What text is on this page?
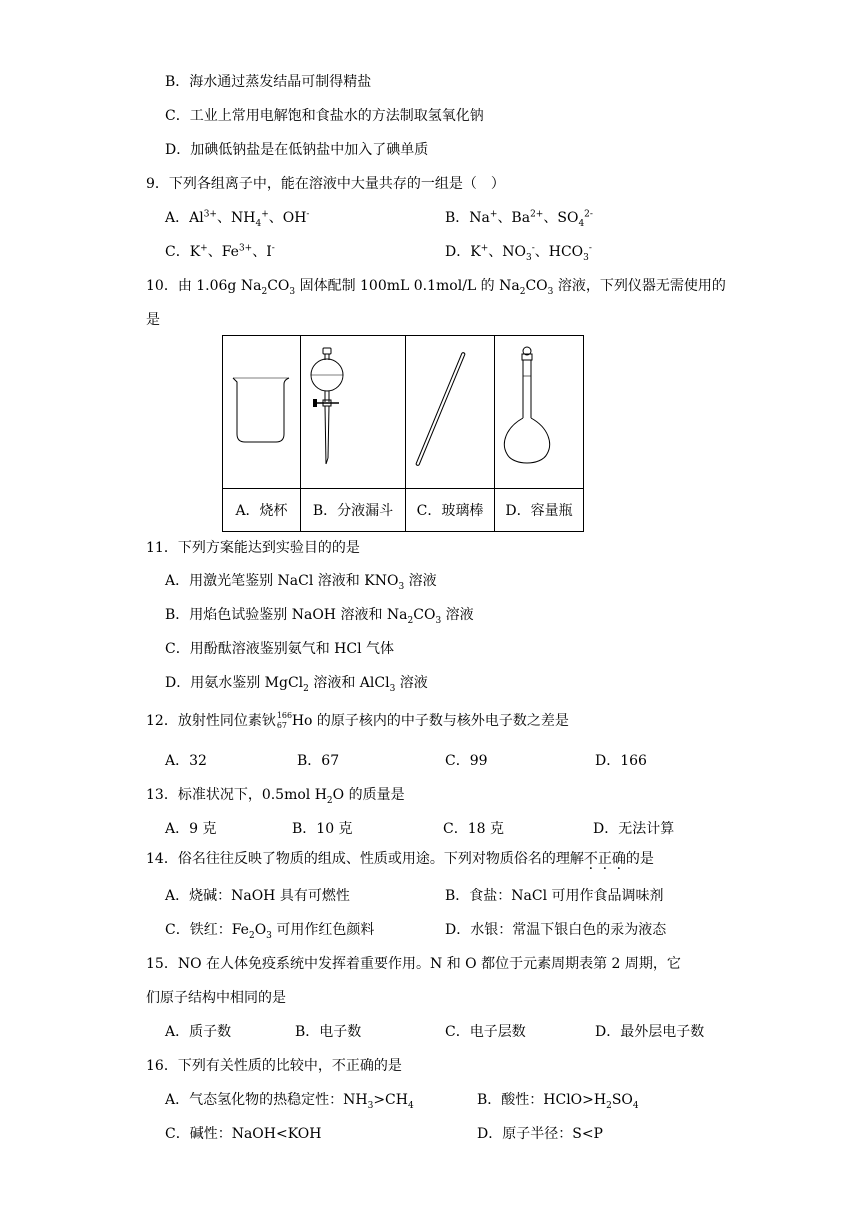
B．海水通过蒸发结晶可制得精盐
C．工业上常用电解饱和食盐水的方法制取氢氧化钠
D．加碘低钠盐是在低钠盐中加入了碘单质
9．下列各组离子中，能在溶液中大量共存的一组是（　）
A．$Al^{3+}$、$NH_4^+$、OH-	B．Na+、$Ba^{2+}$、$SO_4^{2-}$
C．K+、$Fe^{3+}$、I-	D．K+、$NO_3^-$、$HCO_3^-$
10．由 1.06g $Na_2CO_3$ 固体配制 100mL 0.1mol/L 的 $Na_2CO_3$ 溶液，下列仪器无需使用的
是

A．烧杯	B．分液漏斗	C．玻璃棒	D．容量瓶
11．下列方案能达到实验目的的是
A．用激光笔鉴别 NaCl 溶液和 $KNO_3$ 溶液
B．用焰色试验鉴别 NaOH 溶液和 $Na_2CO_3$ 溶液
C．用酚酞溶液鉴别氨气和 HCl 气体
D．用氨水鉴别 MgCl$_2$ 溶液和 AlCl$_3$ 溶液
12．放射性同位素钬 166
67 Ho 的原子核内的中子数与核外电子数之差是
A．32	B．67	C．99	D．166
13．标准状况下，0.5mol $H_2O$ 的质量是
A．9 克	B．10 克	C．18 克	D．无法计算
14．俗名往往反映了物质的组成、性质或用途。下列对物质俗名的理解不正确的是
A．烧碱：NaOH 具有可燃性	B．食盐：NaCl 可用作食品调味剂
C．铁红：$Fe_2O_3$ 可用作红色颜料	D．水银：常温下银白色的汞为液态
15．NO 在人体免疫系统中发挥着重要作用。N 和 O 都位于元素周期表第 2 周期，它
们原子结构中相同的是
A．质子数	B．电子数	C．电子层数	D．最外层电子数
16．下列有关性质的比较中，不正确的是
A．气态氢化物的热稳定性：$NH_3>CH_4$	B．酸性：$HClO>H_2SO_4$
C．碱性：NaOH<KOH	D．原子半径：S<P
